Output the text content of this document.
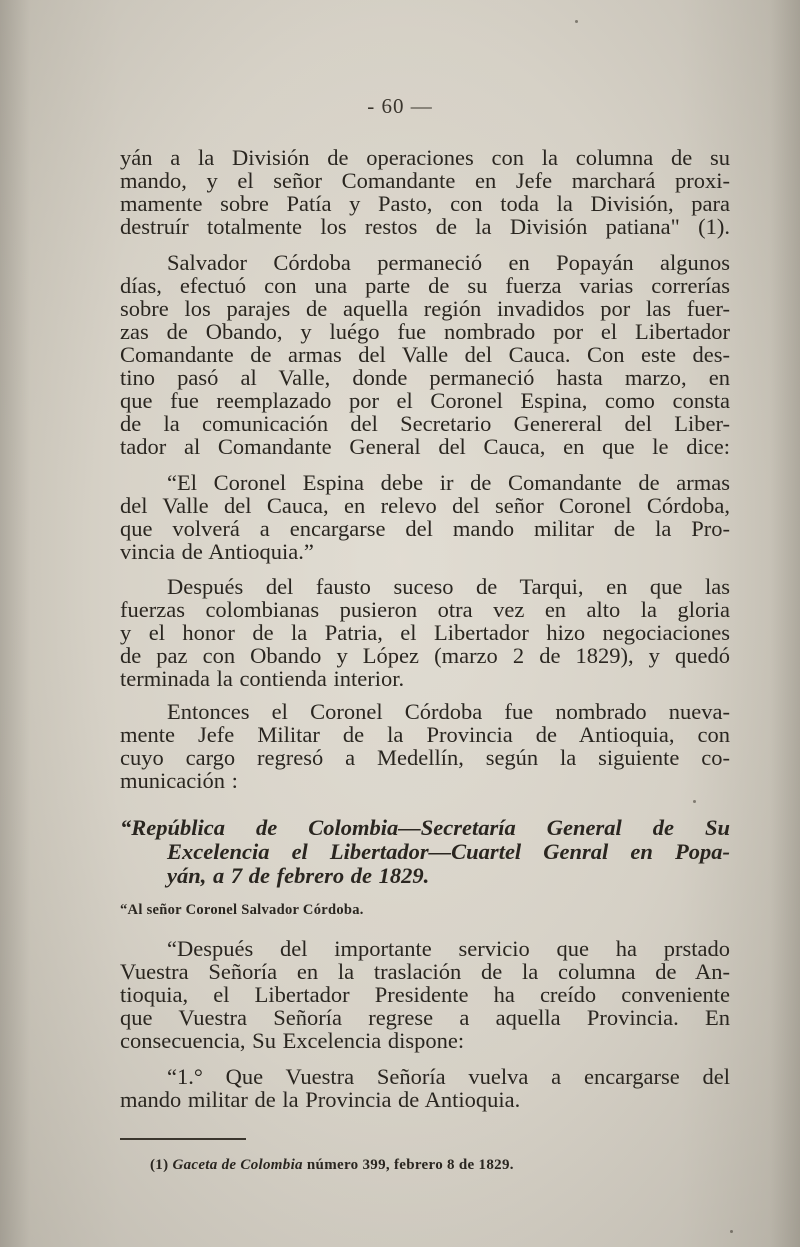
- 60 —
yán a la División de operaciones con la columna de su
mando, y el señor Comandante en Jefe marchará proxi-
mamente sobre Patía y Pasto, con toda la División, para
destruír totalmente los restos de la División patiana" (1).
Salvador Córdoba permaneció en Popayán algunos
días, efectuó con una parte de su fuerza varias correrías
sobre los parajes de aquella región invadidos por las fuer-
zas de Obando, y luégo fue nombrado por el Libertador
Comandante de armas del Valle del Cauca. Con este des-
tino pasó al Valle, donde permaneció hasta marzo, en
que fue reemplazado por el Coronel Espina, como consta
de la comunicación del Secretario Genereral del Liber-
tador al Comandante General del Cauca, en que le dice:
“El Coronel Espina debe ir de Comandante de armas
del Valle del Cauca, en relevo del señor Coronel Córdoba,
que volverá a encargarse del mando militar de la Pro-
vincia de Antioquia.”
Después del fausto suceso de Tarqui, en que las
fuerzas colombianas pusieron otra vez en alto la gloria
y el honor de la Patria, el Libertador hizo negociaciones
de paz con Obando y López (marzo 2 de 1829), y quedó
terminada la contienda interior.
Entonces el Coronel Córdoba fue nombrado nueva-
mente Jefe Militar de la Provincia de Antioquia, con
cuyo cargo regresó a Medellín, según la siguiente co-
municación :
“República de Colombia—Secretaría General de Su
Excelencia el Libertador—Cuartel Genral en Popa-
yán, a 7 de febrero de 1829.
“Al señor Coronel Salvador Córdoba.
“Después del importante servicio que ha prstado
Vuestra Señoría en la traslación de la columna de An-
tioquia, el Libertador Presidente ha creído conveniente
que Vuestra Señoría regrese a aquella Provincia. En
consecuencia, Su Excelencia dispone:
“1.° Que Vuestra Señoría vuelva a encargarse del
mando militar de la Provincia de Antioquia.
(1) Gaceta de Colombia número 399, febrero 8 de 1829.
